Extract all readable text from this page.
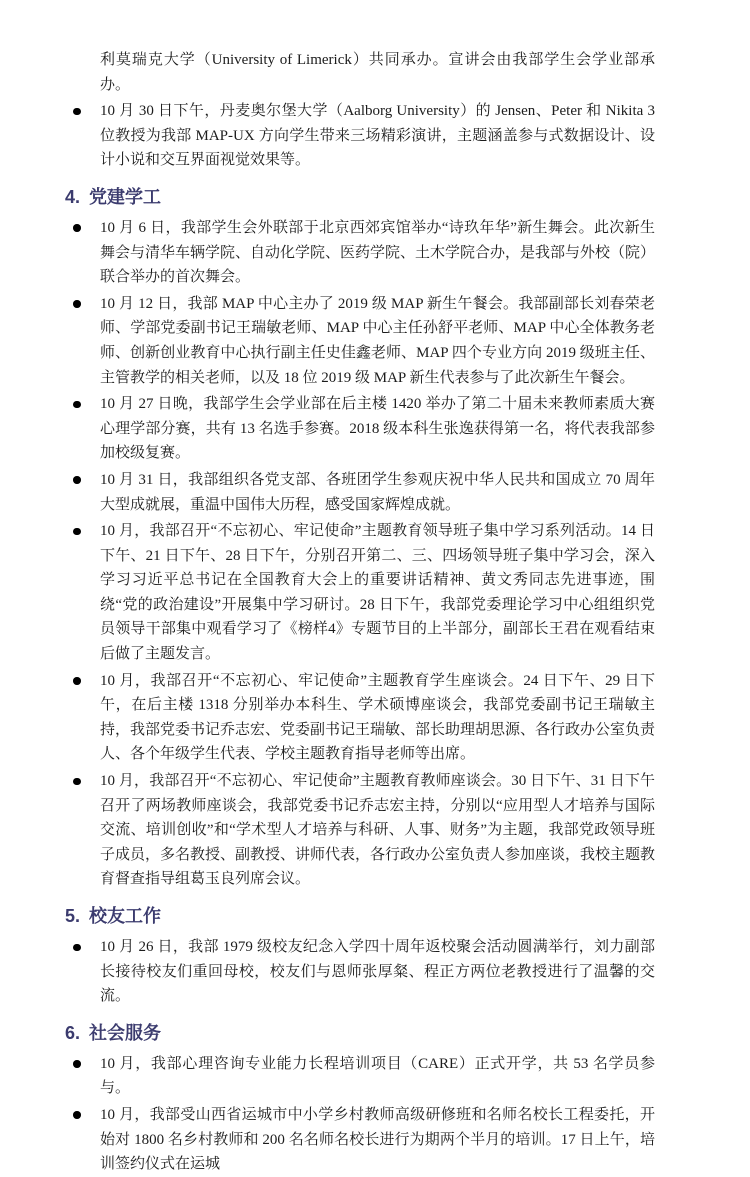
利莫瑞克大学（University of Limerick）共同承办。宣讲会由我部学生会学业部承办。

10 月 30 日下午，丹麦奥尔堡大学（Aalborg University）的 Jensen、Peter 和 Nikita 3 位教授为我部 MAP-UX 方向学生带来三场精彩演讲，主题涵盖参与式数据设计、设计小说和交互界面视觉效果等。
4. 党建学工
10 月 6 日，我部学生会外联部于北京西郊宾馆举办“诗玖年华”新生舞会。此次新生舞会与清华车辆学院、自动化学院、医药学院、土木学院合办，是我部与外校（院）联合举办的首次舞会。
10 月 12 日，我部 MAP 中心主办了 2019 级 MAP 新生午餐会。我部副部长刘春荣老师、学部党委副书记王瑞敏老师、MAP 中心主任孙舒平老师、MAP 中心全体教务老师、创新创业教育中心执行副主任史佳鑫老师、MAP 四个专业方向 2019 级班主任、主管教学的相关老师，以及 18 位 2019 级 MAP 新生代表参与了此次新生午餐会。
10 月 27 日晚，我部学生会学业部在后主楼 1420 举办了第二十届未来教师素质大赛心理学部分赛，共有 13 名选手参赛。2018 级本科生张逸获得第一名，将代表我部参加校级复赛。
10 月 31 日，我部组织各党支部、各班团学生参观庆祝中华人民共和国成立 70 周年大型成就展，重温中国伟大历程，感受国家辉煌成就。
10 月，我部召开“不忘初心、牢记使命”主题教育领导班子集中学习系列活动。14 日下午、21 日下午、28 日下午，分别召开第二、三、四场领导班子集中学习会，深入学习习近平总书记在全国教育大会上的重要讲话精神、黄文秀同志先进事迹，围绕“党的政治建设”开展集中学习研讨。28 日下午，我部党委理论学习中心组组织党员领导干部集中观看学习了《榜样4》专题节目的上半部分，副部长王君在观看结束后做了主题发言。
10 月，我部召开“不忘初心、牢记使命”主题教育学生座谈会。24 日下午、29 日下午，在后主楼 1318 分别举办本科生、学术硕博座谈会，我部党委副书记王瑞敏主持，我部党委书记乔志宏、党委副书记王瑞敏、部长助理胡思源、各行政办公室负责人、各个年级学生代表、学校主题教育指导老师等出席。
10 月，我部召开“不忘初心、牢记使命”主题教育教师座谈会。30 日下午、31 日下午召开了两场教师座谈会，我部党委书记乔志宏主持，分别以“应用型人才培养与国际交流、培训创收”和“学术型人才培养与科研、人事、财务”为主题，我部党政领导班子成员，多名教授、副教授、讲师代表，各行政办公室负责人参加座谈，我校主题教育督查指导组葛玉良列席会议。
5. 校友工作
10 月 26 日，我部 1979 级校友纪念入学四十周年返校聚会活动圆满举行，刘力副部长接待校友们重回母校，校友们与恩师张厚粲、程正方两位老教授进行了温馨的交流。
6. 社会服务
10 月，我部心理咨询专业能力长程培训项目（CARE）正式开学，共 53 名学员参与。
10 月，我部受山西省运城市中小学乡村教师高级研修班和名师名校长工程委托，开始对 1800 名乡村教师和 200 名名师名校长进行为期两个半月的培训。17 日上午，培训签约仪式在运城
